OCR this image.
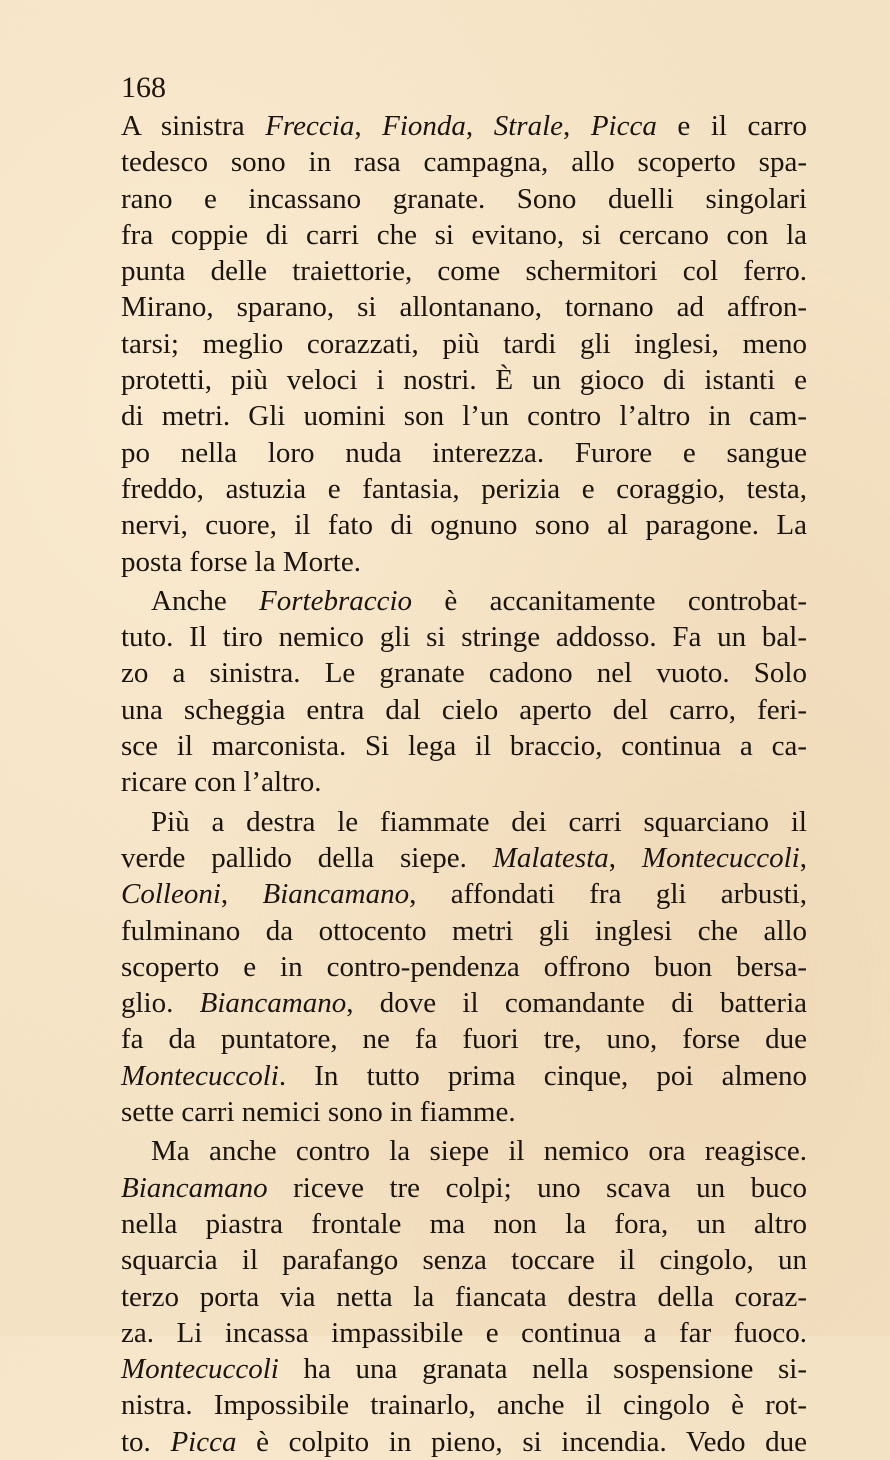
168
A sinistra Freccia, Fionda, Strale, Picca e il carro
tedesco sono in rasa campagna, allo scoperto spa-
rano e incassano granate. Sono duelli singolari
fra coppie di carri che si evitano, si cercano con la
punta delle traiettorie, come schermitori col ferro.
Mirano, sparano, si allontanano, tornano ad affron-
tarsi; meglio corazzati, più tardi gli inglesi, meno
protetti, più veloci i nostri. È un gioco di istanti e
di metri. Gli uomini son l’un contro l’altro in cam-
po nella loro nuda interezza. Furore e sangue
freddo, astuzia e fantasia, perizia e coraggio, testa,
nervi, cuore, il fato di ognuno sono al paragone. La
posta forse la Morte.
Anche Fortebraccio è accanitamente controbat-
tuto. Il tiro nemico gli si stringe addosso. Fa un bal-
zo a sinistra. Le granate cadono nel vuoto. Solo
una scheggia entra dal cielo aperto del carro, feri-
sce il marconista. Si lega il braccio, continua a ca-
ricare con l’altro.
Più a destra le fiammate dei carri squarciano il
verde pallido della siepe. Malatesta, Montecuccoli,
Colleoni, Biancamano, affondati fra gli arbusti,
fulminano da ottocento metri gli inglesi che allo
scoperto e in contro-pendenza offrono buon bersa-
glio. Biancamano, dove il comandante di batteria
fa da puntatore, ne fa fuori tre, uno, forse due
Montecuccoli. In tutto prima cinque, poi almeno
sette carri nemici sono in fiamme.
Ma anche contro la siepe il nemico ora reagisce.
Biancamano riceve tre colpi; uno scava un buco
nella piastra frontale ma non la fora, un altro
squarcia il parafango senza toccare il cingolo, un
terzo porta via netta la fiancata destra della coraz-
za. Li incassa impassibile e continua a far fuoco.
Montecuccoli ha una granata nella sospensione si-
nistra. Impossibile trainarlo, anche il cingolo è rot-
to. Picca è colpito in pieno, si incendia. Vedo due
